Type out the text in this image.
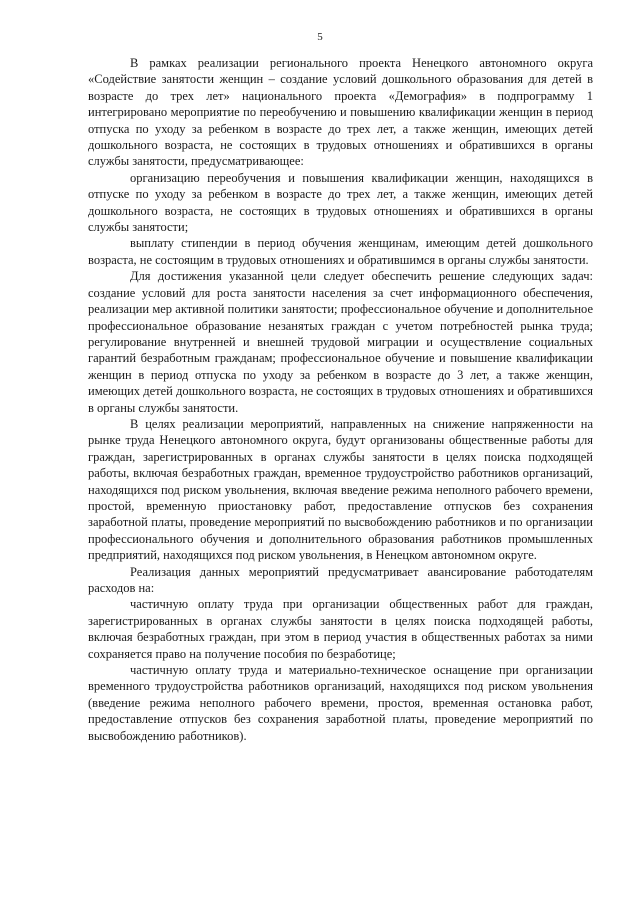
5

В рамках реализации регионального проекта Ненецкого автономного округа «Содействие занятости женщин – создание условий дошкольного образования для детей в возрасте до трех лет» национального проекта «Демография» в подпрограмму 1 интегрировано мероприятие по переобучению и повышению квалификации женщин в период отпуска по уходу за ребенком в возрасте до трех лет, а также женщин, имеющих детей дошкольного возраста, не состоящих в трудовых отношениях и обратившихся в органы службы занятости, предусматривающее:

организацию переобучения и повышения квалификации женщин, находящихся в отпуске по уходу за ребенком в возрасте до трех лет, а также женщин, имеющих детей дошкольного возраста, не состоящих в трудовых отношениях и обратившихся в органы службы занятости;

выплату стипендии в период обучения женщинам, имеющим детей дошкольного возраста, не состоящим в трудовых отношениях и обратившимся в органы службы занятости.

Для достижения указанной цели следует обеспечить решение следующих задач: создание условий для роста занятости населения за счет информационного обеспечения, реализации мер активной политики занятости; профессиональное обучение и дополнительное профессиональное образование незанятых граждан с учетом потребностей рынка труда; регулирование внутренней и внешней трудовой миграции и осуществление социальных гарантий безработным гражданам; профессиональное обучение и повышение квалификации женщин в период отпуска по уходу за ребенком в возрасте до 3 лет, а также женщин, имеющих детей дошкольного возраста, не состоящих в трудовых отношениях и обратившихся в органы службы занятости.

В целях реализации мероприятий, направленных на снижение напряженности на рынке труда Ненецкого автономного округа, будут организованы общественные работы для граждан, зарегистрированных в органах службы занятости в целях поиска подходящей работы, включая безработных граждан, временное трудоустройство работников организаций, находящихся под риском увольнения, включая введение режима неполного рабочего времени, простой, временную приостановку работ, предоставление отпусков без сохранения заработной платы, проведение мероприятий по высвобождению работников и по организации профессионального обучения и дополнительного образования работников промышленных предприятий, находящихся под риском увольнения, в Ненецком автономном округе.

Реализация данных мероприятий предусматривает авансирование работодателям расходов на:

частичную оплату труда при организации общественных работ для граждан, зарегистрированных в органах службы занятости в целях поиска подходящей работы, включая безработных граждан, при этом в период участия в общественных работах за ними сохраняется право на получение пособия по безработице;

частичную оплату труда и материально-техническое оснащение при организации временного трудоустройства работников организаций, находящихся под риском увольнения (введение режима неполного рабочего времени, простоя, временная остановка работ, предоставление отпусков без сохранения заработной платы, проведение мероприятий по высвобождению работников).
